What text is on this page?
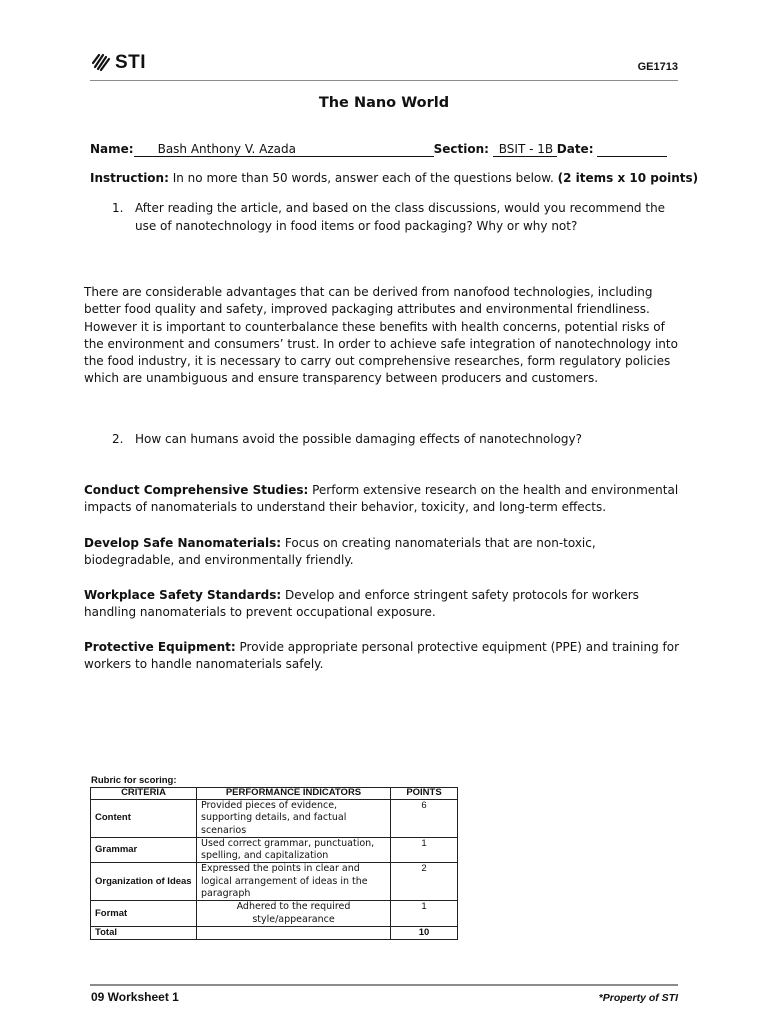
STI	GE1713
The Nano World
Name: Bash Anthony V. Azada	Section: BSIT - 1B Date:
Instruction: In no more than 50 words, answer each of the questions below. (2 items x 10 points)
1. After reading the article, and based on the class discussions, would you recommend the use of nanotechnology in food items or food packaging? Why or why not?
There are considerable advantages that can be derived from nanofood technologies, including better food quality and safety, improved packaging attributes and environmental friendliness. However it is important to counterbalance these benefits with health concerns, potential risks of the environment and consumers’ trust. In order to achieve safe integration of nanotechnology into the food industry, it is necessary to carry out comprehensive researches, form regulatory policies which are unambiguous and ensure transparency between producers and customers.
2. How can humans avoid the possible damaging effects of nanotechnology?
Conduct Comprehensive Studies: Perform extensive research on the health and environmental impacts of nanomaterials to understand their behavior, toxicity, and long-term effects.
Develop Safe Nanomaterials: Focus on creating nanomaterials that are non-toxic, biodegradable, and environmentally friendly.
Workplace Safety Standards: Develop and enforce stringent safety protocols for workers handling nanomaterials to prevent occupational exposure.
Protective Equipment: Provide appropriate personal protective equipment (PPE) and training for workers to handle nanomaterials safely.
Rubric for scoring:
CRITERIA	PERFORMANCE INDICATORS	POINTS
Content	Provided pieces of evidence, supporting details, and factual scenarios	6
Grammar	Used correct grammar, punctuation, spelling, and capitalization	1
Organization of Ideas	Expressed the points in clear and logical arrangement of ideas in the paragraph	2
Format	Adhered to the required style/appearance	1
Total		10
09 Worksheet 1	*Property of STI
